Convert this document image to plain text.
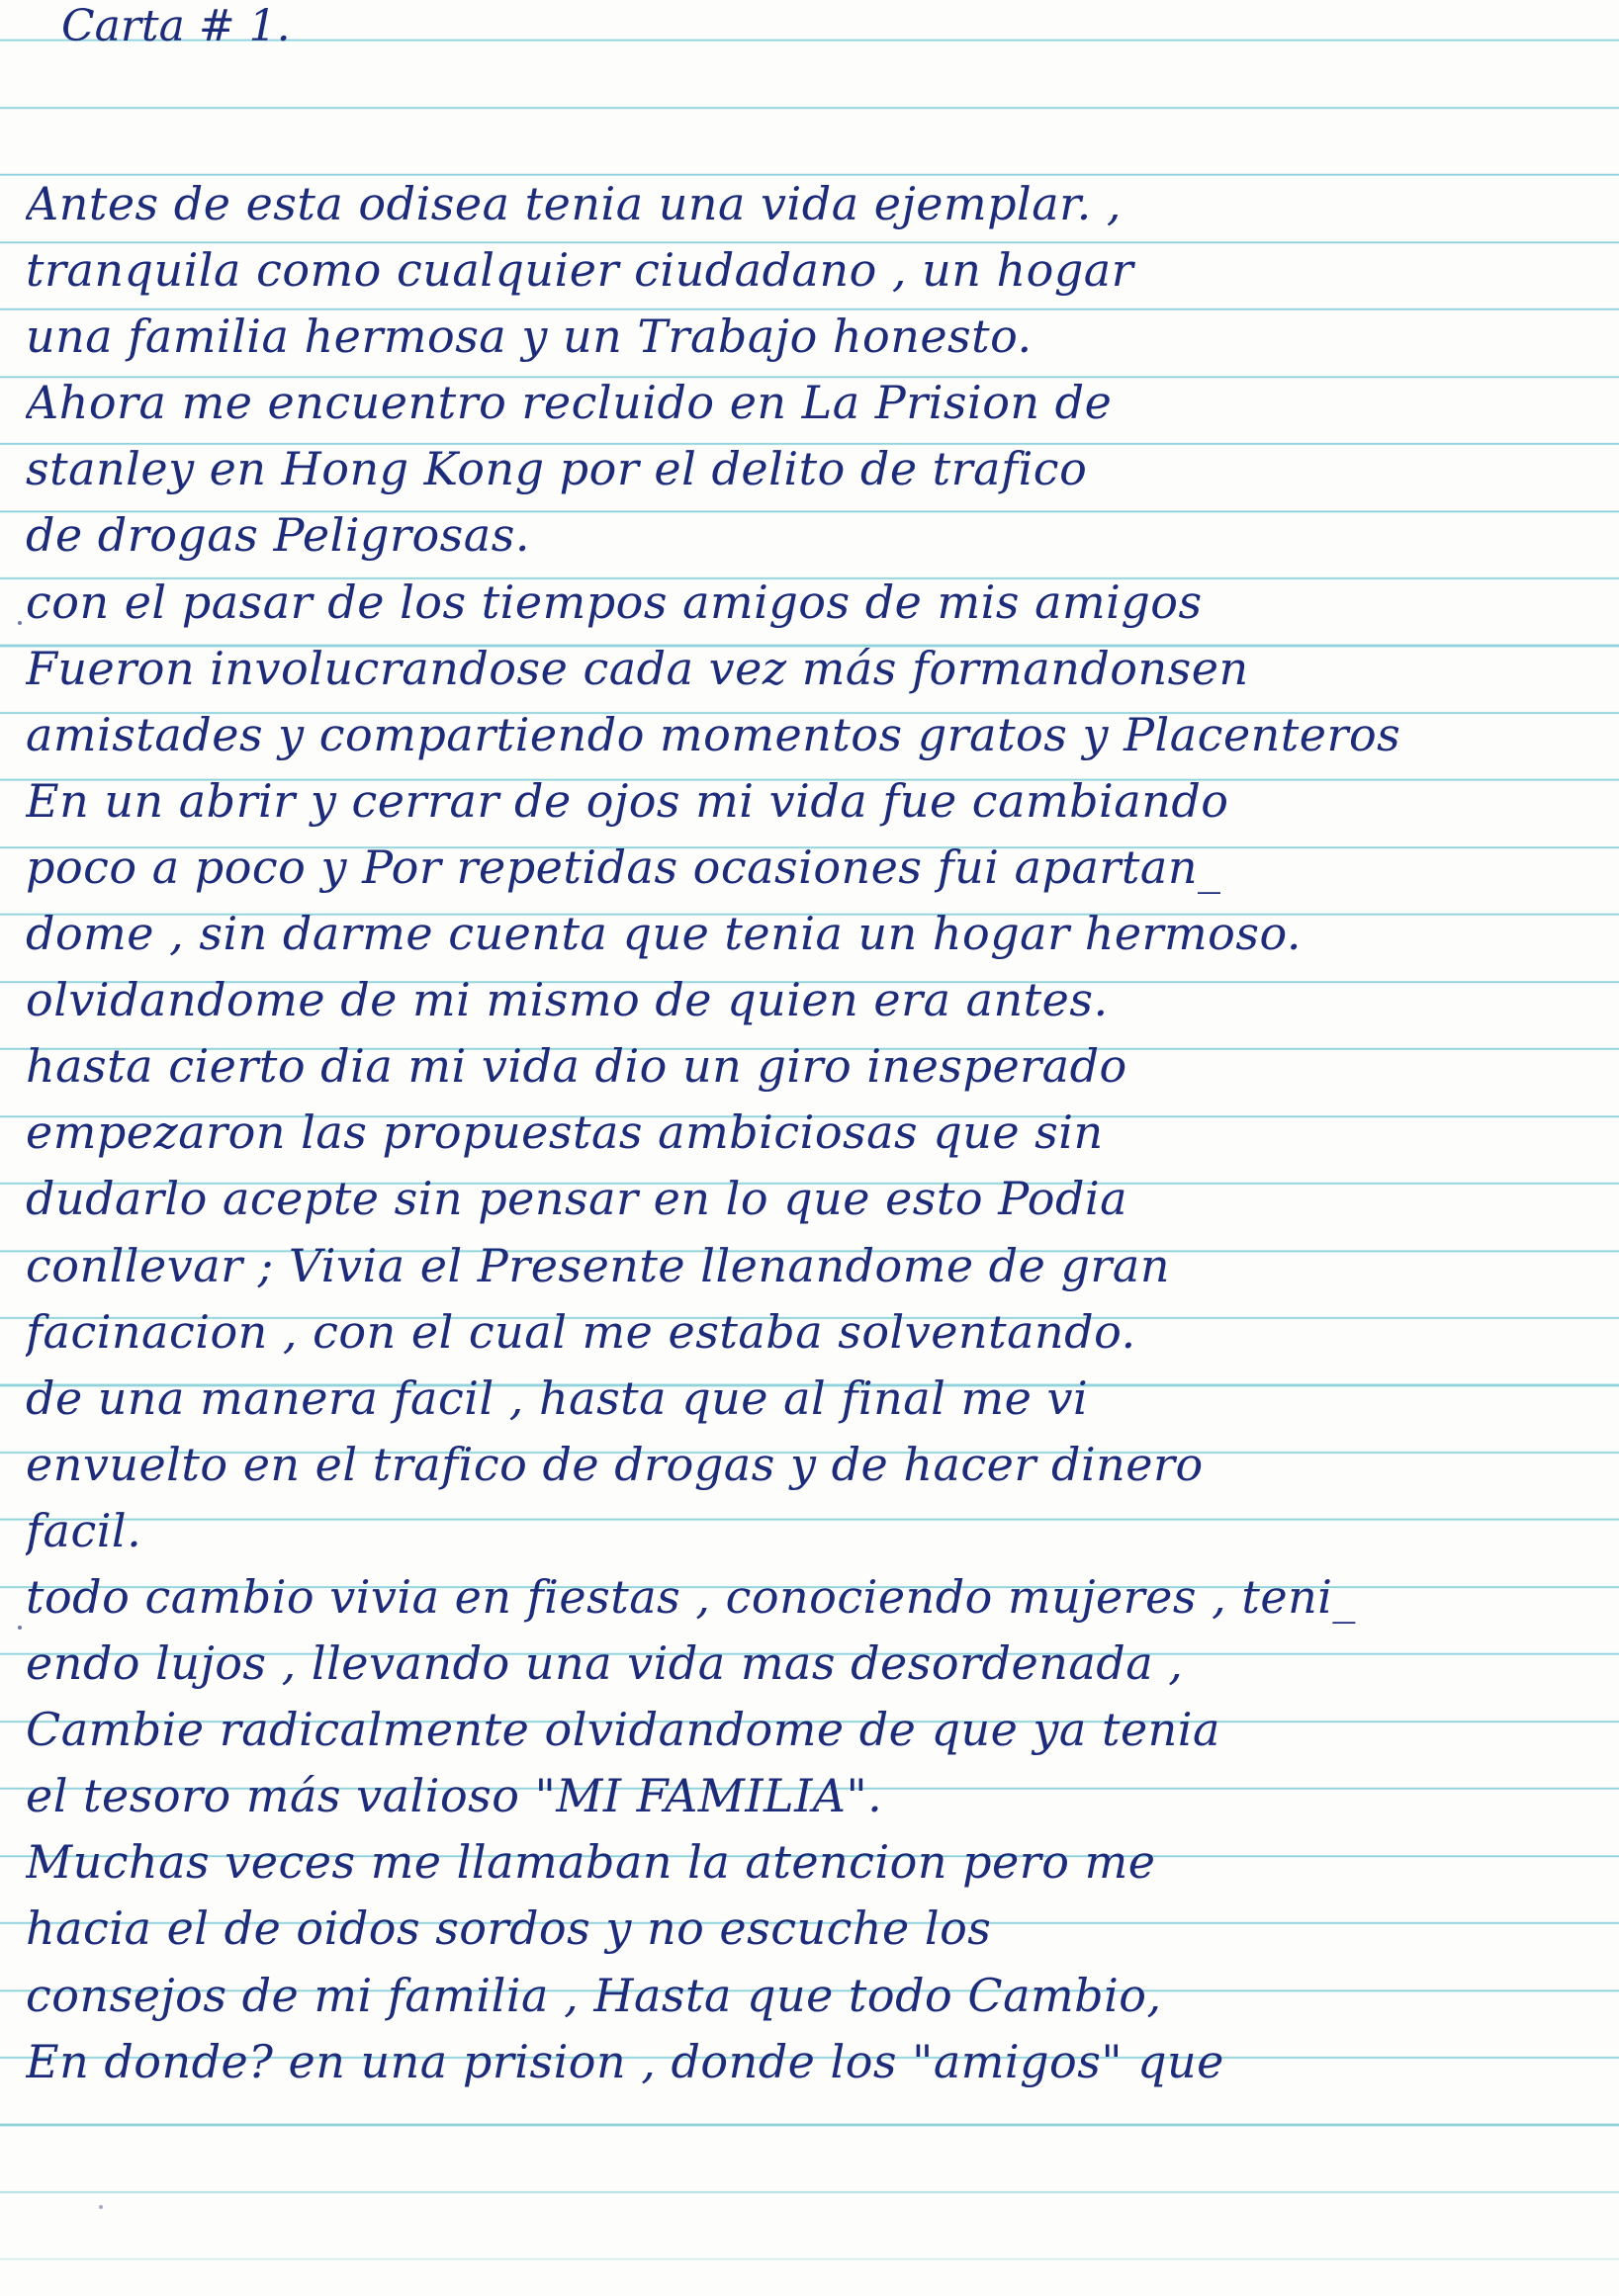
Carta # 1.
Antes de esta odisea tenia una vida ejemplar. ,
tranquila como cualquier ciudadano , un hogar
una familia hermosa y un Trabajo honesto.
Ahora me encuentro recluido en La Prision de
stanley en Hong Kong por el delito de trafico
de drogas Peligrosas.
con el pasar de los tiempos amigos de mis amigos
Fueron involucrandose cada vez más formandonsen
amistades y compartiendo momentos gratos y Placenteros
En un abrir y cerrar de ojos mi vida fue cambiando
poco a poco y Por repetidas ocasiones fui apartan_
dome , sin darme cuenta que tenia un hogar hermoso.
olvidandome de mi mismo de quien era antes.
hasta cierto dia mi vida dio un giro inesperado
empezaron las propuestas ambiciosas que sin
dudarlo acepte sin pensar en lo que esto Podia
conllevar ; Vivia el Presente llenandome de gran
facinacion , con el cual me estaba solventando.
de una manera facil , hasta que al final me vi
envuelto en el trafico de drogas y de hacer dinero
facil.
todo cambio vivia en fiestas , conociendo mujeres , teni_
endo lujos , llevando una vida mas desordenada ,
Cambie radicalmente olvidandome de que ya tenia
el tesoro más valioso "MI FAMILIA".
Muchas veces me llamaban la atencion pero me
hacia el de oidos sordos y no escuche los
consejos de mi familia , Hasta que todo Cambio,
En donde? en una prision , donde los "amigos" que
